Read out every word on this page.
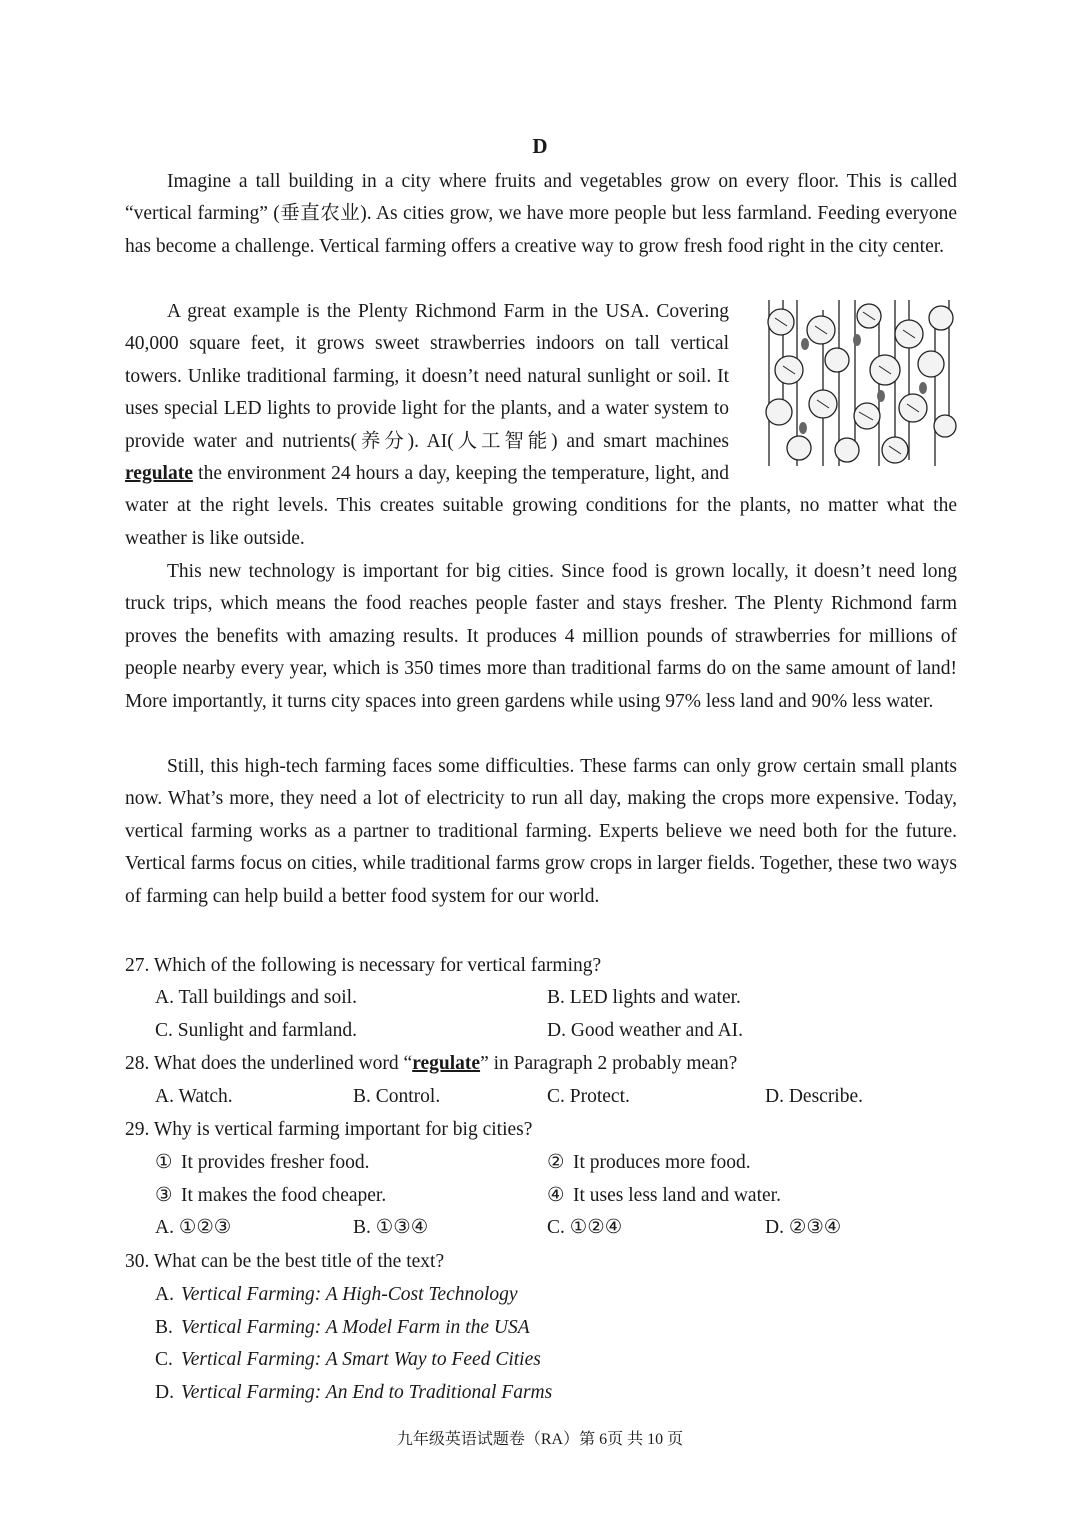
D

Imagine a tall building in a city where fruits and vegetables grow on every floor. This is called “vertical farming” (垂直农业). As cities grow, we have more people but less farmland. Feeding everyone has become a challenge. Vertical farming offers a creative way to grow fresh food right in the city center.

A great example is the Plenty Richmond Farm in the USA. Covering 40,000 square feet, it grows sweet strawberries indoors on tall vertical towers. Unlike traditional farming, it doesn’t need natural sunlight or soil. It uses special LED lights to provide light for the plants, and a water system to provide water and nutrients(养分). AI(人工智能) and smart machines regulate the environment 24 hours a day, keeping the temperature, light, and water at the right levels. This creates suitable growing conditions for the plants, no matter what the weather is like outside.

This new technology is important for big cities. Since food is grown locally, it doesn’t need long truck trips, which means the food reaches people faster and stays fresher. The Plenty Richmond farm proves the benefits with amazing results. It produces 4 million pounds of strawberries for millions of people nearby every year, which is 350 times more than traditional farms do on the same amount of land! More importantly, it turns city spaces into green gardens while using 97% less land and 90% less water.

Still, this high-tech farming faces some difficulties. These farms can only grow certain small plants now. What’s more, they need a lot of electricity to run all day, making the crops more expensive. Today, vertical farming works as a partner to traditional farming. Experts believe we need both for the future. Vertical farms focus on cities, while traditional farms grow crops in larger fields. Together, these two ways of farming can help build a better food system for our world.

27. Which of the following is necessary for vertical farming?
A. Tall buildings and soil.	B. LED lights and water.
C. Sunlight and farmland.	D. Good weather and AI.
28. What does the underlined word “regulate” in Paragraph 2 probably mean?
A. Watch.	B. Control.	C. Protect.	D. Describe.
29. Why is vertical farming important for big cities?
① It provides fresher food.	② It produces more food.
③ It makes the food cheaper.	④ It uses less land and water.
A. ①②③	B. ①③④	C. ①②④	D. ②③④
30. What can be the best title of the text?
A. Vertical Farming: A High-Cost Technology
B. Vertical Farming: A Model Farm in the USA
C. Vertical Farming: A Smart Way to Feed Cities
D. Vertical Farming: An End to Traditional Farms
九年级英语试题卷（RA）第 6页 共 10 页
